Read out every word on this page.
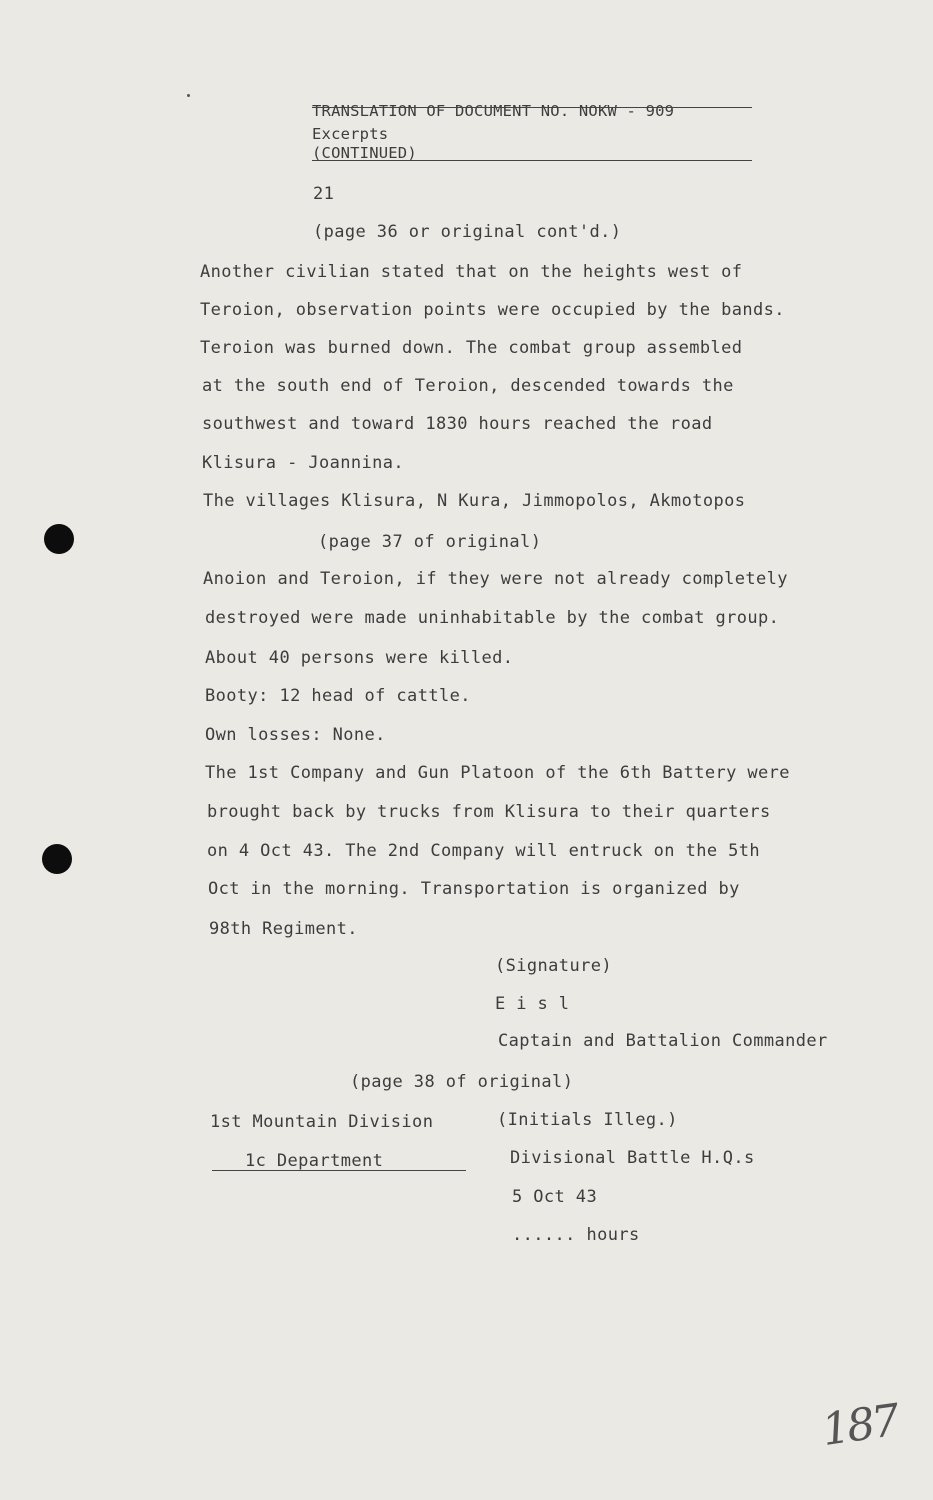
TRANSLATION OF DOCUMENT NO. NOKW - 909
Excerpts
(CONTINUED)
21
(page 36 or original cont'd.)
Another civilian stated that on the heights west of
Teroion, observation points were occupied by the bands.
Teroion was burned down. The combat group assembled
at the south end of Teroion, descended towards the
southwest and toward 1830 hours reached the road
Klisura - Joannina.
The villages Klisura, N Kura, Jimmopolos, Akmotopos
(page 37 of original)
Anoion and Teroion, if they were not already completely
destroyed were made uninhabitable by the combat group.
About 40 persons were killed.
Booty: 12 head of cattle.
Own losses: None.
The 1st Company and Gun Platoon of the 6th Battery were
brought back by trucks from Klisura to their quarters
on 4 Oct 43. The 2nd Company will entruck on the 5th
Oct in the morning. Transportation is organized by
98th Regiment.
(Signature)
E i s l
Captain and Battalion Commander
(page 38 of original)
1st Mountain Division
1c Department
(Initials Illeg.)
Divisional Battle H.Q.s
5 Oct 43
...... hours
187
